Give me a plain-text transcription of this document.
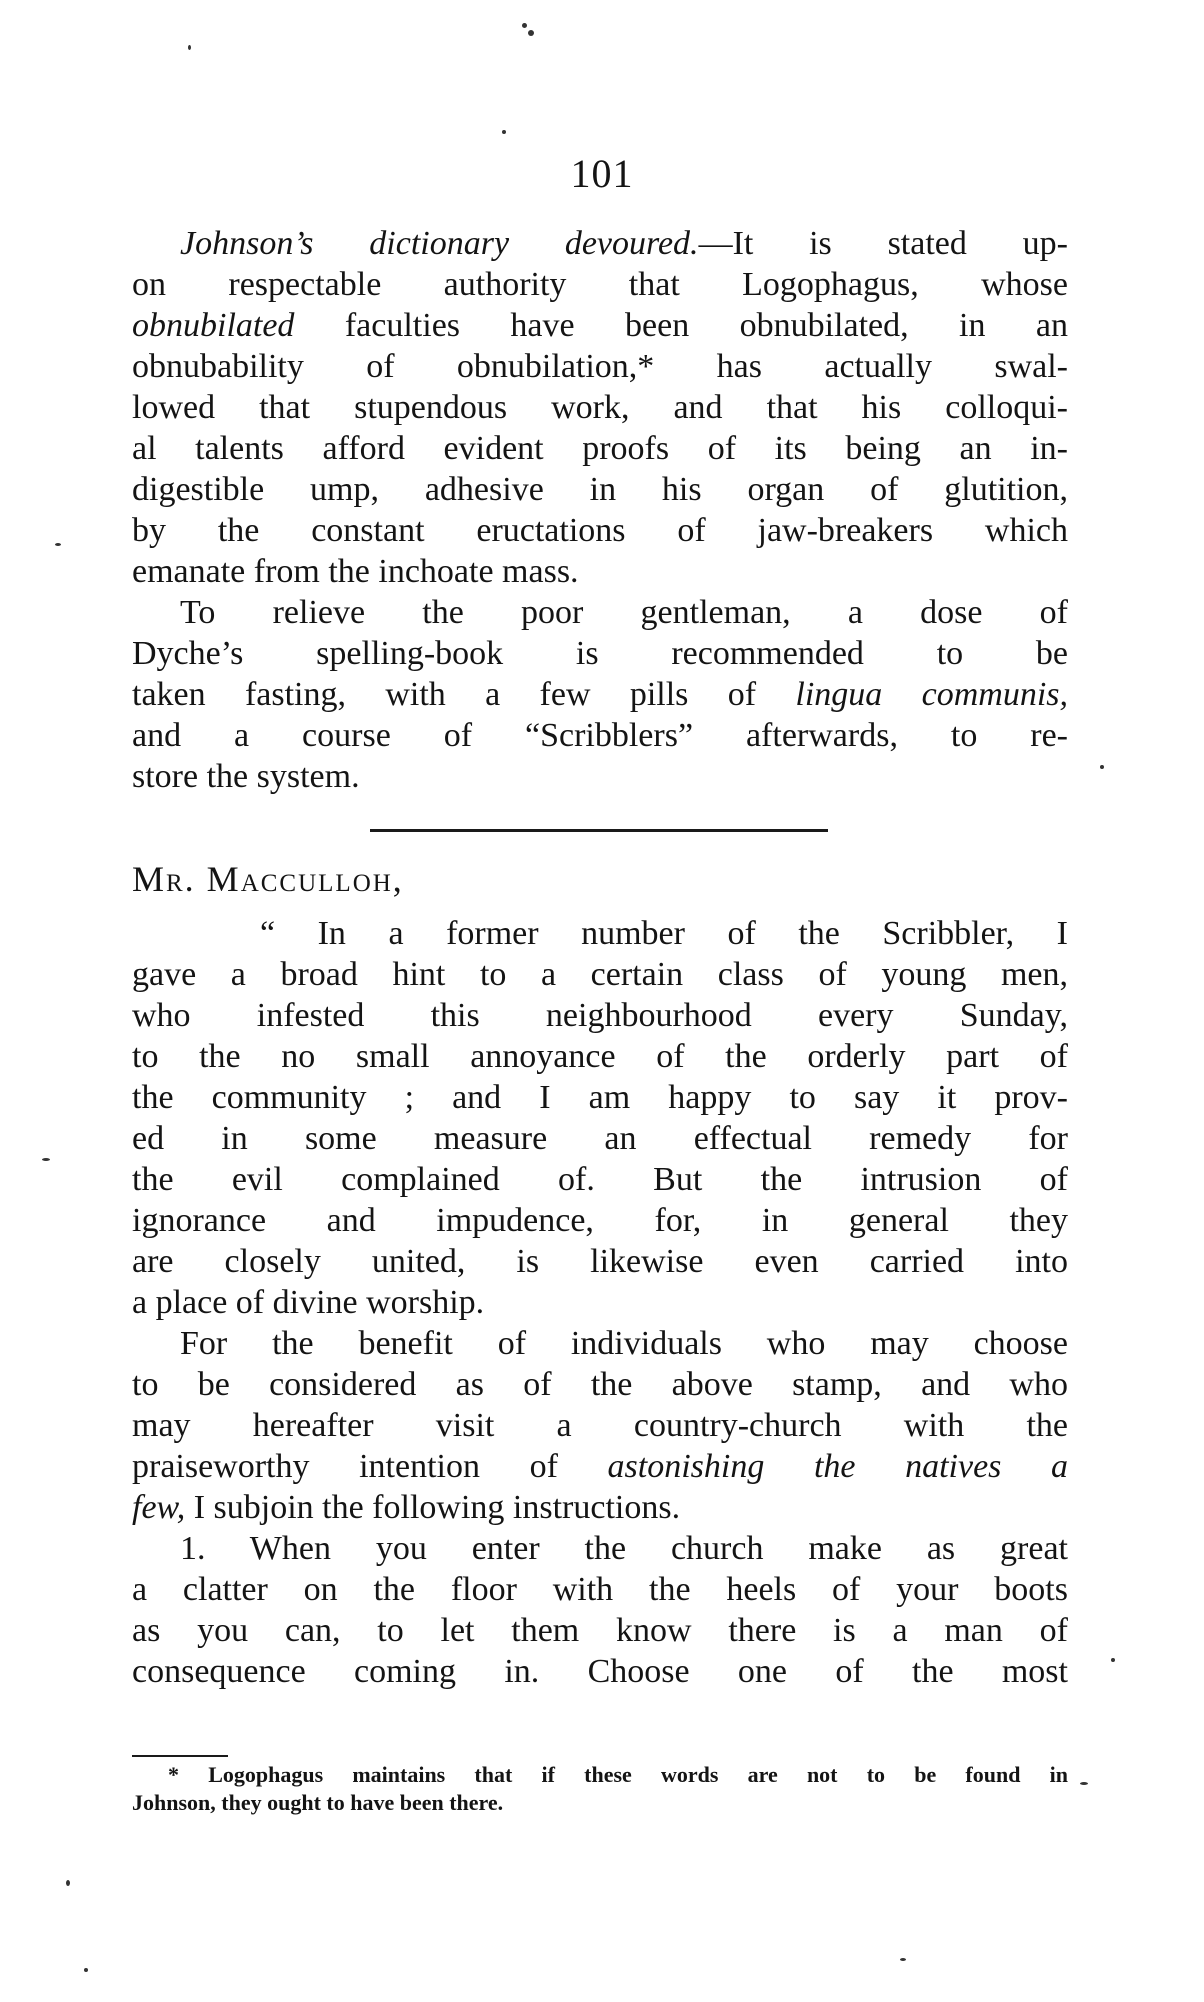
101
Johnson’s dictionary devoured.—It is stated up-
on respectable authority that Logophagus, whose
obnubilated faculties have been obnubilated, in an
obnubability of obnubilation,* has actually swal-
lowed that stupendous work, and that his colloqui-
al talents afford evident proofs of its being an in-
digestible ump, adhesive in his organ of glutition,
by the constant eructations of jaw-breakers which
emanate from the inchoate mass.
To relieve the poor gentleman, a dose of
Dyche’s spelling-book is recommended to be
taken fasting, with a few pills of lingua communis,
and a course of “Scribblers” afterwards, to re-
store the system.
Mr. Macculloh,
“ In a former number of the Scribbler, I
gave a broad hint to a certain class of young men,
who infested this neighbourhood every Sunday,
to the no small annoyance of the orderly part of
the community ; and I am happy to say it prov-
ed in some measure an effectual remedy for
the evil complained of. But the intrusion of
ignorance and impudence, for, in general they
are closely united, is likewise even carried into
a place of divine worship.
For the benefit of individuals who may choose
to be considered as of the above stamp, and who
may hereafter visit a country-church with the
praiseworthy intention of astonishing the natives a
few, I subjoin the following instructions.
1. When you enter the church make as great
a clatter on the floor with the heels of your boots
as you can, to let them know there is a man of
consequence coming in. Choose one of the most
* Logophagus maintains that if these words are not to be found in
Johnson, they ought to have been there.
